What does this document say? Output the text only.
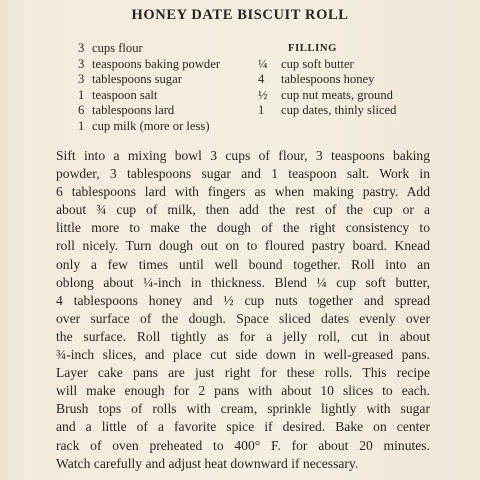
HONEY DATE BISCUIT ROLL
3 cups flour
3 teaspoons baking powder
3 tablespoons sugar
1 teaspoon salt
6 tablespoons lard
1 cup milk (more or less)
FILLING
¼ cup soft butter
4 tablespoons honey
½ cup nut meats, ground
1 cup dates, thinly sliced
Sift into a mixing bowl 3 cups of flour, 3 teaspoons baking
powder, 3 tablespoons sugar and 1 teaspoon salt. Work in
6 tablespoons lard with fingers as when making pastry. Add
about ¾ cup of milk, then add the rest of the cup or a
little more to make the dough of the right consistency to
roll nicely. Turn dough out on to floured pastry board. Knead
only a few times until well bound together. Roll into an
oblong about ¼-inch in thickness. Blend ¼ cup soft butter,
4 tablespoons honey and ½ cup nuts together and spread
over surface of the dough. Space sliced dates evenly over
the surface. Roll tightly as for a jelly roll, cut in about
¾-inch slices, and place cut side down in well-greased pans.
Layer cake pans are just right for these rolls. This recipe
will make enough for 2 pans with about 10 slices to each.
Brush tops of rolls with cream, sprinkle lightly with sugar
and a little of a favorite spice if desired. Bake on center
rack of oven preheated to 400° F. for about 20 minutes.
Watch carefully and adjust heat downward if necessary.
